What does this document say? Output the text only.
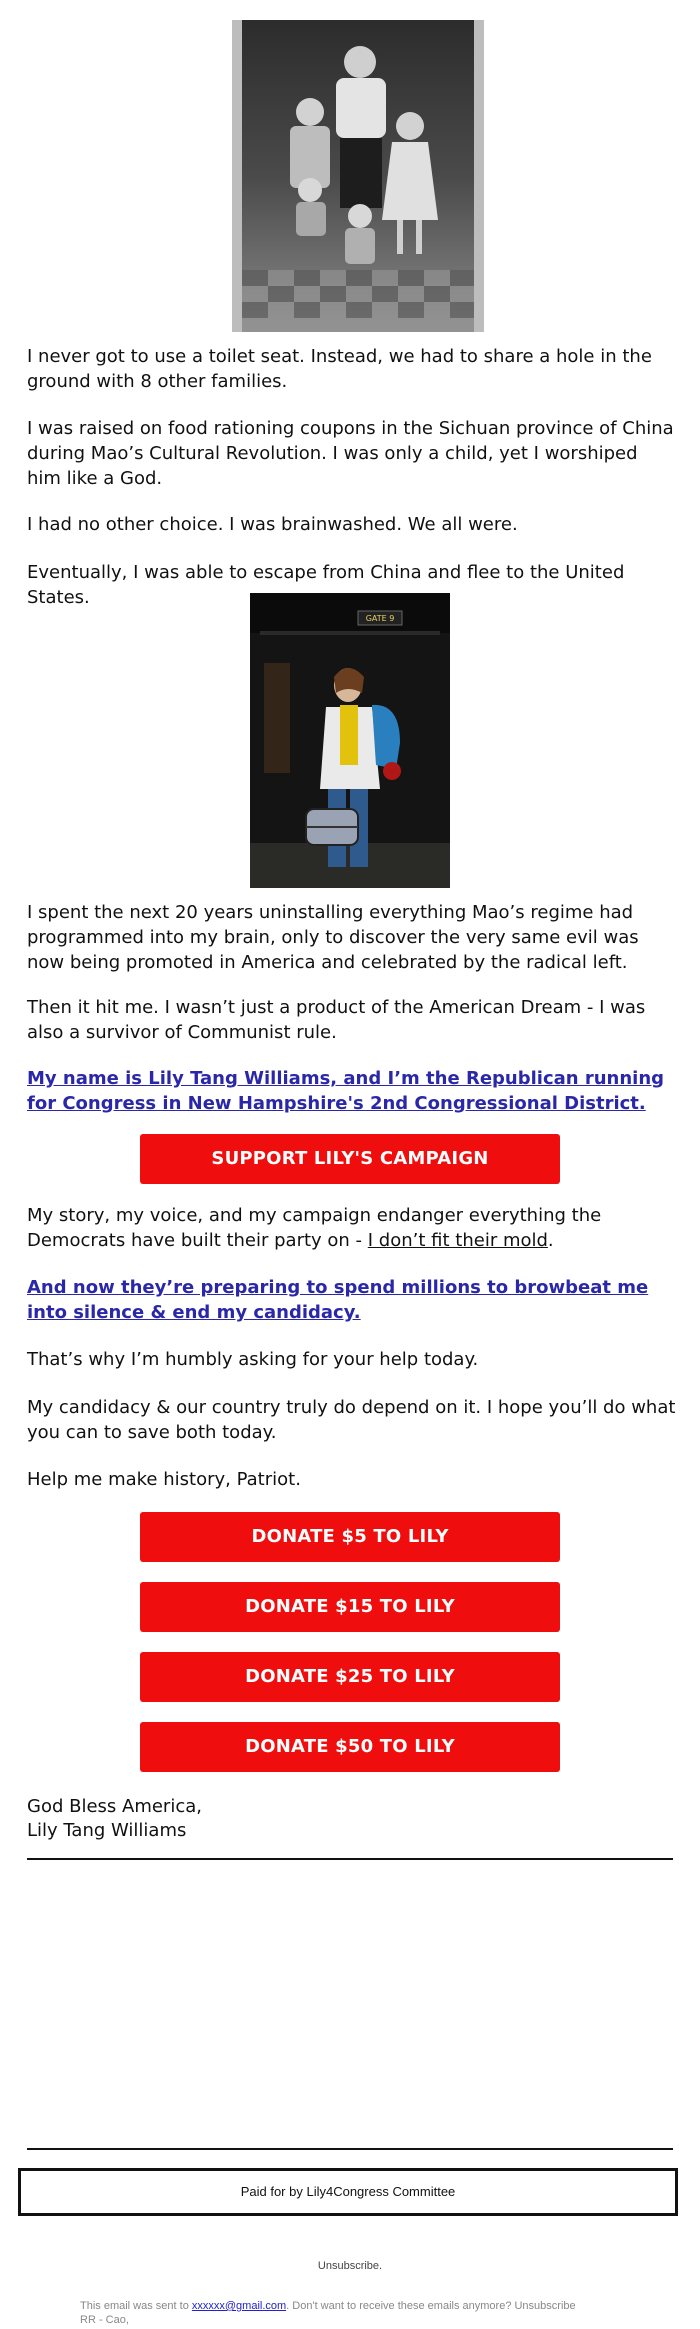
I never got to use a toilet seat. Instead, we had to share a hole in the ground with 8 other families.

I was raised on food rationing coupons in the Sichuan province of China during Mao’s Cultural Revolution. I was only a child, yet I worshiped him like a God.

I had no other choice. I was brainwashed. We all were.

Eventually, I was able to escape from China and flee to the United States.

GATE 9

I spent the next 20 years uninstalling everything Mao’s regime had programmed into my brain, only to discover the very same evil was now being promoted in America and celebrated by the radical left.

Then it hit me. I wasn’t just a product of the American Dream - I was also a survivor of Communist rule.

My name is Lily Tang Williams, and I’m the Republican running for Congress in New Hampshire's 2nd Congressional District.

SUPPORT LILY'S CAMPAIGN

My story, my voice, and my campaign endanger everything the Democrats have built their party on - I don’t fit their mold.

And now they’re preparing to spend millions to browbeat me into silence & end my candidacy.

That’s why I’m humbly asking for your help today.

My candidacy & our country truly do depend on it. I hope you’ll do what you can to save both today.

Help me make history, Patriot.

DONATE $5 TO LILY
DONATE $15 TO LILY
DONATE $25 TO LILY
DONATE $50 TO LILY

God Bless America,

Lily Tang Williams

Paid for by Lily4Congress Committee
Unsubscribe.
This email was sent to xxxxxx@gmail.com. Don't want to receive these emails anymore? Unsubscribe
RR - Cao,
